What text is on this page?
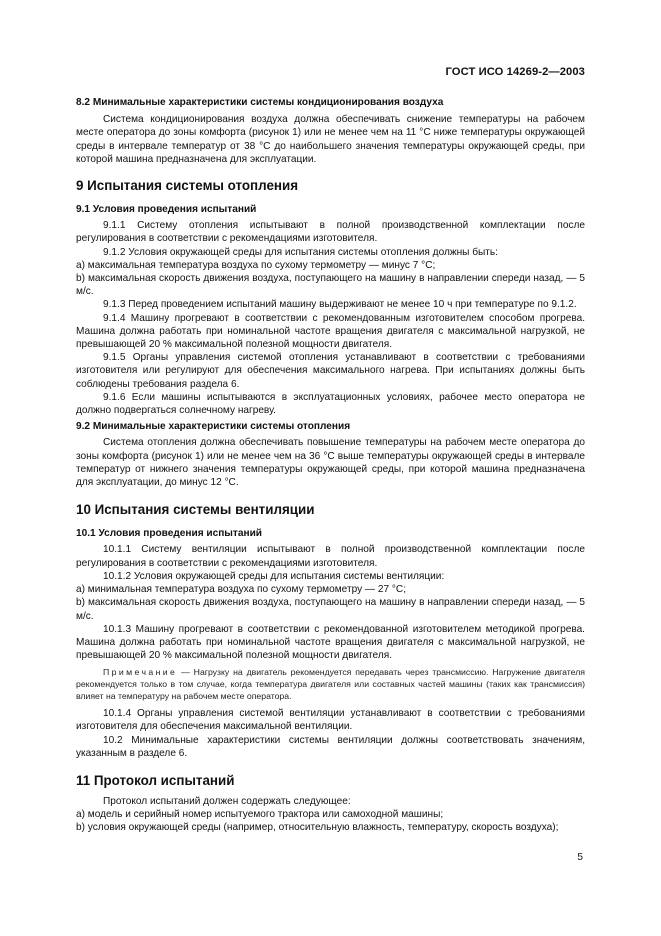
ГОСТ ИСО 14269-2—2003

8.2 Минимальные характеристики системы кондиционирования воздуха

Система кондиционирования воздуха должна обеспечивать снижение температуры на рабочем месте оператора до зоны комфорта (рисунок 1) или не менее чем на 11 °С ниже температуры окружающей среды в интервале температур от 38 °С до наибольшего значения температуры окружающей среды, при которой машина предназначена для эксплуатации.

9 Испытания системы отопления

9.1 Условия проведения испытаний

9.1.1 Систему отопления испытывают в полной производственной комплектации после регулирования в соответствии с рекомендациями изготовителя.

9.1.2 Условия окружающей среды для испытания системы отопления должны быть:

а) максимальная температура воздуха по сухому термометру — минус 7 °С;

b) максимальная скорость движения воздуха, поступающего на машину в направлении спереди назад, — 5 м/с.

9.1.3 Перед проведением испытаний машину выдерживают не менее 10 ч при температуре по 9.1.2.

9.1.4 Машину прогревают в соответствии с рекомендованным изготовителем способом прогрева. Машина должна работать при номинальной частоте вращения двигателя с максимальной нагрузкой, не превышающей 20 % максимальной полезной мощности двигателя.

9.1.5 Органы управления системой отопления устанавливают в соответствии с требованиями изготовителя или регулируют для обеспечения максимального нагрева. При испытаниях должны быть соблюдены требования раздела 6.

9.1.6 Если машины испытываются в эксплуатационных условиях, рабочее место оператора не должно подвергаться солнечному нагреву.

9.2 Минимальные характеристики системы отопления

Система отопления должна обеспечивать повышение температуры на рабочем месте оператора до зоны комфорта (рисунок 1) или не менее чем на 36 °С выше температуры окружающей среды в интервале температур от нижнего значения температуры окружающей среды, при которой машина предназначена для эксплуатации, до минус 12 °С.

10 Испытания системы вентиляции

10.1 Условия проведения испытаний

10.1.1 Систему вентиляции испытывают в полной производственной комплектации после регулирования в соответствии с рекомендациями изготовителя.

10.1.2 Условия окружающей среды для испытания системы вентиляции:

а) минимальная температура воздуха по сухому термометру — 27 °С;

b) максимальная скорость движения воздуха, поступающего на машину в направлении спереди назад, — 5 м/с.

10.1.3 Машину прогревают в соответствии с рекомендованной изготовителем методикой прогрева. Машина должна работать при номинальной частоте вращения двигателя с максимальной нагрузкой, не превышающей 20 % максимальной полезной мощности двигателя.

Примечание — Нагрузку на двигатель рекомендуется передавать через трансмиссию. Нагружение двигателя рекомендуется только в том случае, когда температура двигателя или составных частей машины (таких как трансмиссия) влияет на температуру на рабочем месте оператора.

10.1.4 Органы управления системой вентиляции устанавливают в соответствии с требованиями изготовителя для обеспечения максимальной вентиляции.

10.2 Минимальные характеристики системы вентиляции должны соответствовать значениям, указанным в разделе 6.

11 Протокол испытаний

Протокол испытаний должен содержать следующее:

а) модель и серийный номер испытуемого трактора или самоходной машины;

b) условия окружающей среды (например, относительную влажность, температуру, скорость воздуха);

5
